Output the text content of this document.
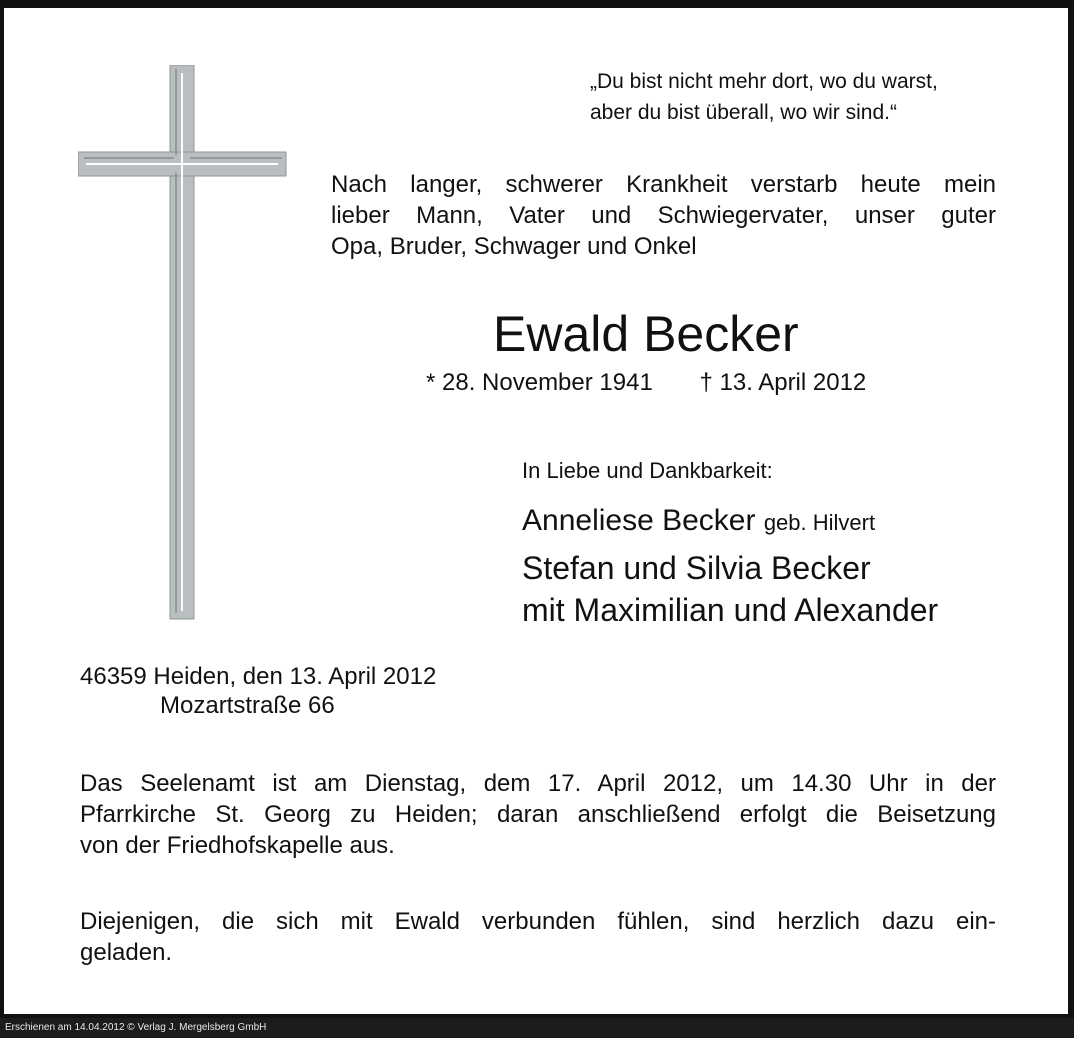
„Du bist nicht mehr dort, wo du warst,
aber du bist überall, wo wir sind.“
Nach langer, schwerer Krankheit verstarb heute mein
lieber Mann, Vater und Schwiegervater, unser guter
Opa, Bruder, Schwager und Onkel
Ewald Becker
* 28. November 1941 † 13. April 2012
In Liebe und Dankbarkeit:
Anneliese Becker geb. Hilvert
Stefan und Silvia Becker
mit Maximilian und Alexander
46359 Heiden, den 13. April 2012
Mozartstraße 66
Das Seelenamt ist am Dienstag, dem 17. April 2012, um 14.30 Uhr in der
Pfarrkirche St. Georg zu Heiden; daran anschließend erfolgt die Beisetzung
von der Friedhofskapelle aus.
Diejenigen, die sich mit Ewald verbunden fühlen, sind herzlich dazu ein-
geladen.
Erschienen am 14.04.2012 © Verlag J. Mergelsberg GmbH
